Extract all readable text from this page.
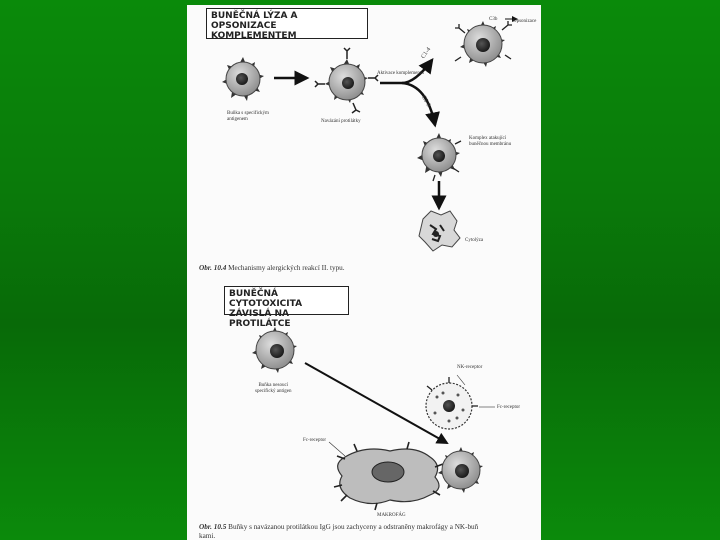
BUNĚČNÁ LÝZA A OPSONIZACE
KOMPLEMENTEM
Buňka s specifickým
antigenem	Navázání protilátky
Aktivace komplementu
C1-4
C5-9
C3b	Opsonizace
Komplex atakující
buněčnou membránu
Cytolýza
Obr. 10.4 Mechanismy alergických reakcí II. typu.
BUNĚČNÁ CYTOTOXICITA
ZÁVISLÁ NA PROTILÁTCE
Buňka nesoucí
specifický antigen
NK-receptor
Fc-receptor
Fc-receptor
MAKROFÁG
Obr. 10.5 Buňky s navázanou protilátkou IgG jsou zachyceny a odstraněny makrofágy a NK-buň
kami.
